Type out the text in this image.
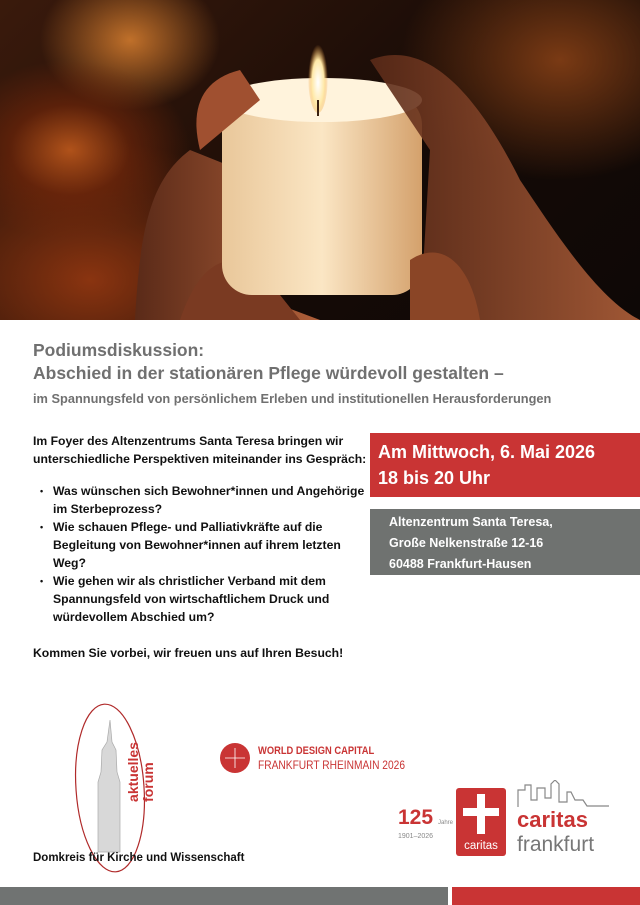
Podiumsdiskussion:
Abschied in der stationären Pflege würdevoll gestalten –
im Spannungsfeld von persönlichem Erleben und institutionellen Herausforderungen

Im Foyer des Altenzentrums Santa Teresa bringen wir unterschiedliche Perspektiven miteinander ins Gespräch:

• Was wünschen sich Bewohner*innen und Angehörige im Sterbeprozess?
• Wie schauen Pflege- und Palliativkräfte auf die Begleitung von Bewohner*innen auf ihrem letzten Weg?
• Wie gehen wir als christlicher Verband mit dem Spannungsfeld von wirtschaftlichem Druck und würdevollem Abschied um?

Kommen Sie vorbei, wir freuen uns auf Ihren Besuch!

Am Mittwoch, 6. Mai 2026
18 bis 20 Uhr
Altenzentrum Santa Teresa,
Große Nelkenstraße 12-16
60488 Frankfurt-Hausen
aktuelles forum
Domkreis für Kirche und Wissenschaft
WORLD DESIGN CAPITAL
FRANKFURT RHEINMAIN 2026
125 Jahre
1901–2026
caritas
caritas
frankfurt
